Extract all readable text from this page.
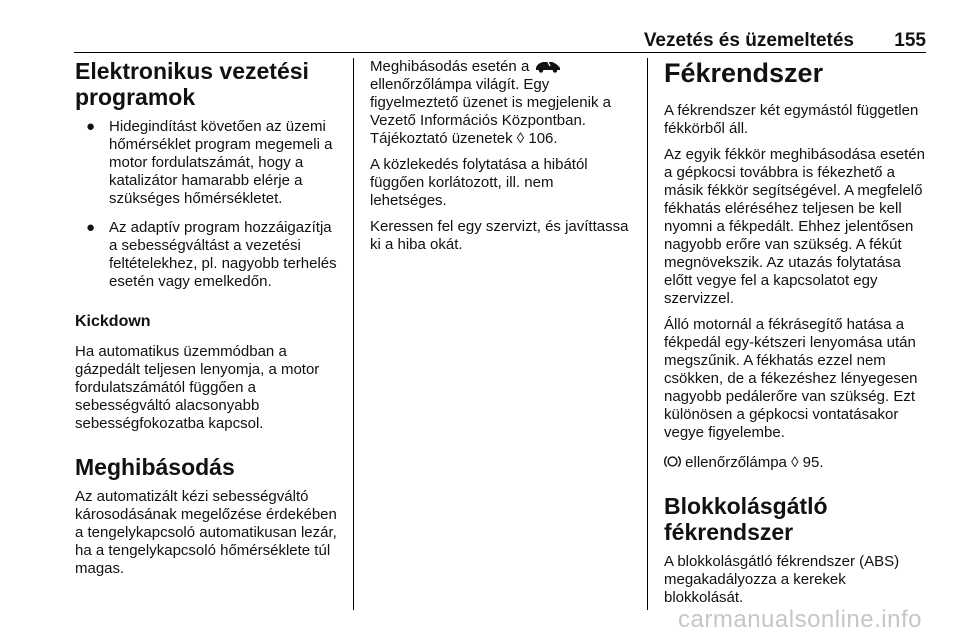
Vezetés és üzemeltetés 155
Elektronikus vezetési programok
● Hidegindítást követően az üzemi hőmérséklet program megemeli a motor fordulatszámát, hogy a katalizátor hamarabb elérje a szükséges hőmérsékletet.
● Az adaptív program hozzáigazítja a sebességváltást a vezetési feltételekhez, pl. nagyobb terhelés esetén vagy emelkedőn.
Kickdown

Ha automatikus üzemmódban a gázpedált teljesen lenyomja, a motor fordulatszámától függően a sebességváltó alacsonyabb sebességfokozatba kapcsol.

Meghibásodás

Az automatizált kézi sebességváltó károsodásának megelőzése érdekében a tengelykapcsoló automatikusan lezár, ha a tengelykapcsoló hőmérséklete túl magas.

Meghibásodás esetén a  ellenőrzőlámpa világít. Egy figyelmeztető üzenet is megjelenik a Vezető Információs Központban. Tájékoztató üzenetek ◊ 106.

A közlekedés folytatása a hibától függően korlátozott, ill. nem lehetséges.

Keressen fel egy szervizt, és javíttassa ki a hiba okát.

Fékrendszer

A fékrendszer két egymástól független fékkörből áll.

Az egyik fékkör meghibásodása esetén a gépkocsi továbbra is fékezhető a másik fékkör segítségével. A megfelelő fékhatás eléréséhez teljesen be kell nyomni a fékpedált. Ehhez jelentősen nagyobb erőre van szükség. A fékút megnövekszik. Az utazás folytatása előtt vegye fel a kapcsolatot egy szervizzel.

Álló motornál a fékrásegítő hatása a fékpedál egy-kétszeri lenyomása után megszűnik. A fékhatás ezzel nem csökken, de a fékezéshez lényegesen nagyobb pedálerőre van szükség. Ezt különösen a gépkocsi vontatásakor vegye figyelembe.

ellenőrzőlámpa ◊ 95.

Blokkolásgátló fékrendszer

A blokkolásgátló fékrendszer (ABS) megakadályozza a kerekek blokkolását.

carmanualsonline.info
